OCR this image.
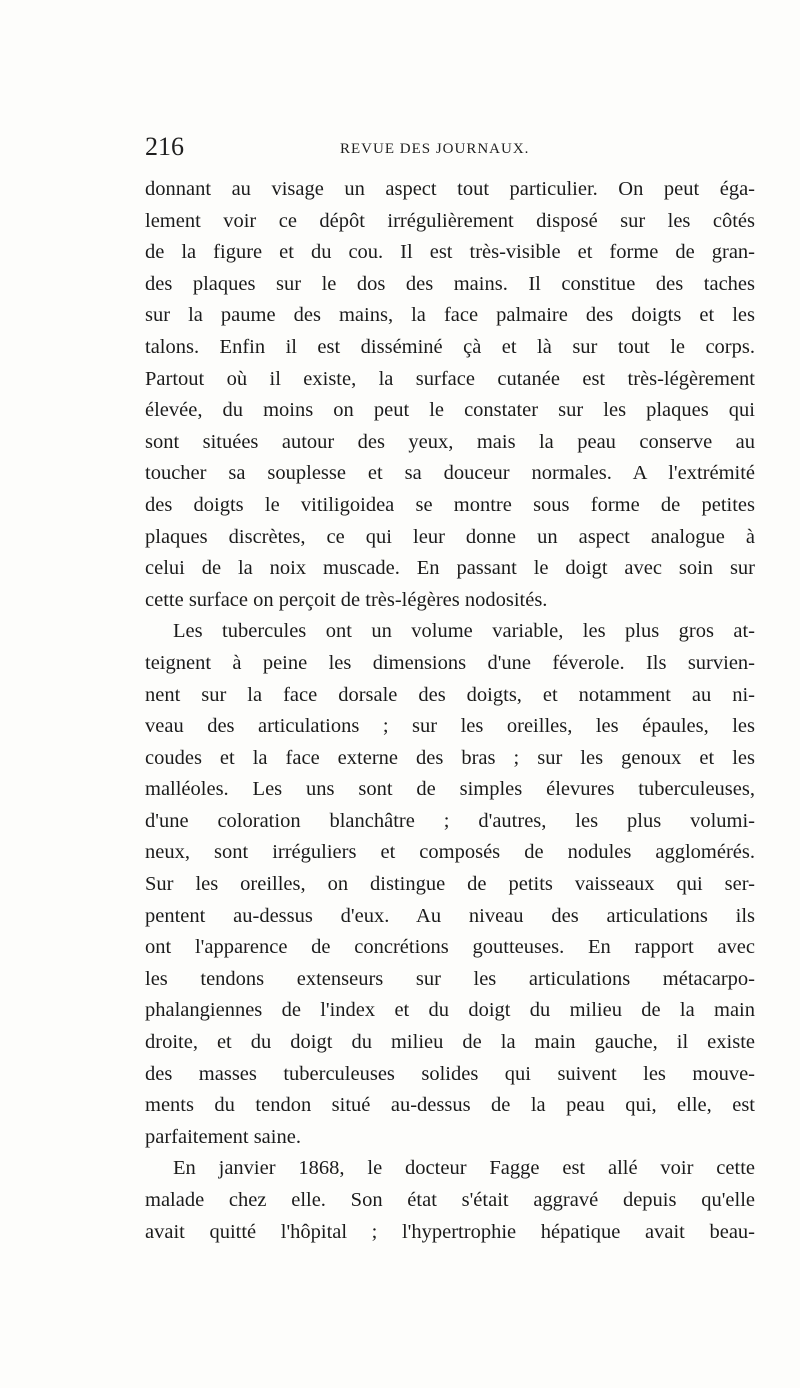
216	REVUE DES JOURNAUX.
donnant au visage un aspect tout particulier. On peut éga-
lement voir ce dépôt irrégulièrement disposé sur les côtés
de la figure et du cou. Il est très-visible et forme de gran-
des plaques sur le dos des mains. Il constitue des taches
sur la paume des mains, la face palmaire des doigts et les
talons. Enfin il est disséminé çà et là sur tout le corps.
Partout où il existe, la surface cutanée est très-légèrement
élevée, du moins on peut le constater sur les plaques qui
sont situées autour des yeux, mais la peau conserve au
toucher sa souplesse et sa douceur normales. A l'extrémité
des doigts le vitiligoidea se montre sous forme de petites
plaques discrètes, ce qui leur donne un aspect analogue à
celui de la noix muscade. En passant le doigt avec soin sur
cette surface on perçoit de très-légères nodosités.
Les tubercules ont un volume variable, les plus gros at-
teignent à peine les dimensions d'une féverole. Ils survien-
nent sur la face dorsale des doigts, et notamment au ni-
veau des articulations ; sur les oreilles, les épaules, les
coudes et la face externe des bras ; sur les genoux et les
malléoles. Les uns sont de simples élevures tuberculeuses,
d'une coloration blanchâtre ; d'autres, les plus volumi-
neux, sont irréguliers et composés de nodules agglomérés.
Sur les oreilles, on distingue de petits vaisseaux qui ser-
pentent au-dessus d'eux. Au niveau des articulations ils
ont l'apparence de concrétions goutteuses. En rapport avec
les tendons extenseurs sur les articulations métacarpo-
phalangiennes de l'index et du doigt du milieu de la main
droite, et du doigt du milieu de la main gauche, il existe
des masses tuberculeuses solides qui suivent les mouve-
ments du tendon situé au-dessus de la peau qui, elle, est
parfaitement saine.
En janvier 1868, le docteur Fagge est allé voir cette
malade chez elle. Son état s'était aggravé depuis qu'elle
avait quitté l'hôpital ; l'hypertrophie hépatique avait beau-
